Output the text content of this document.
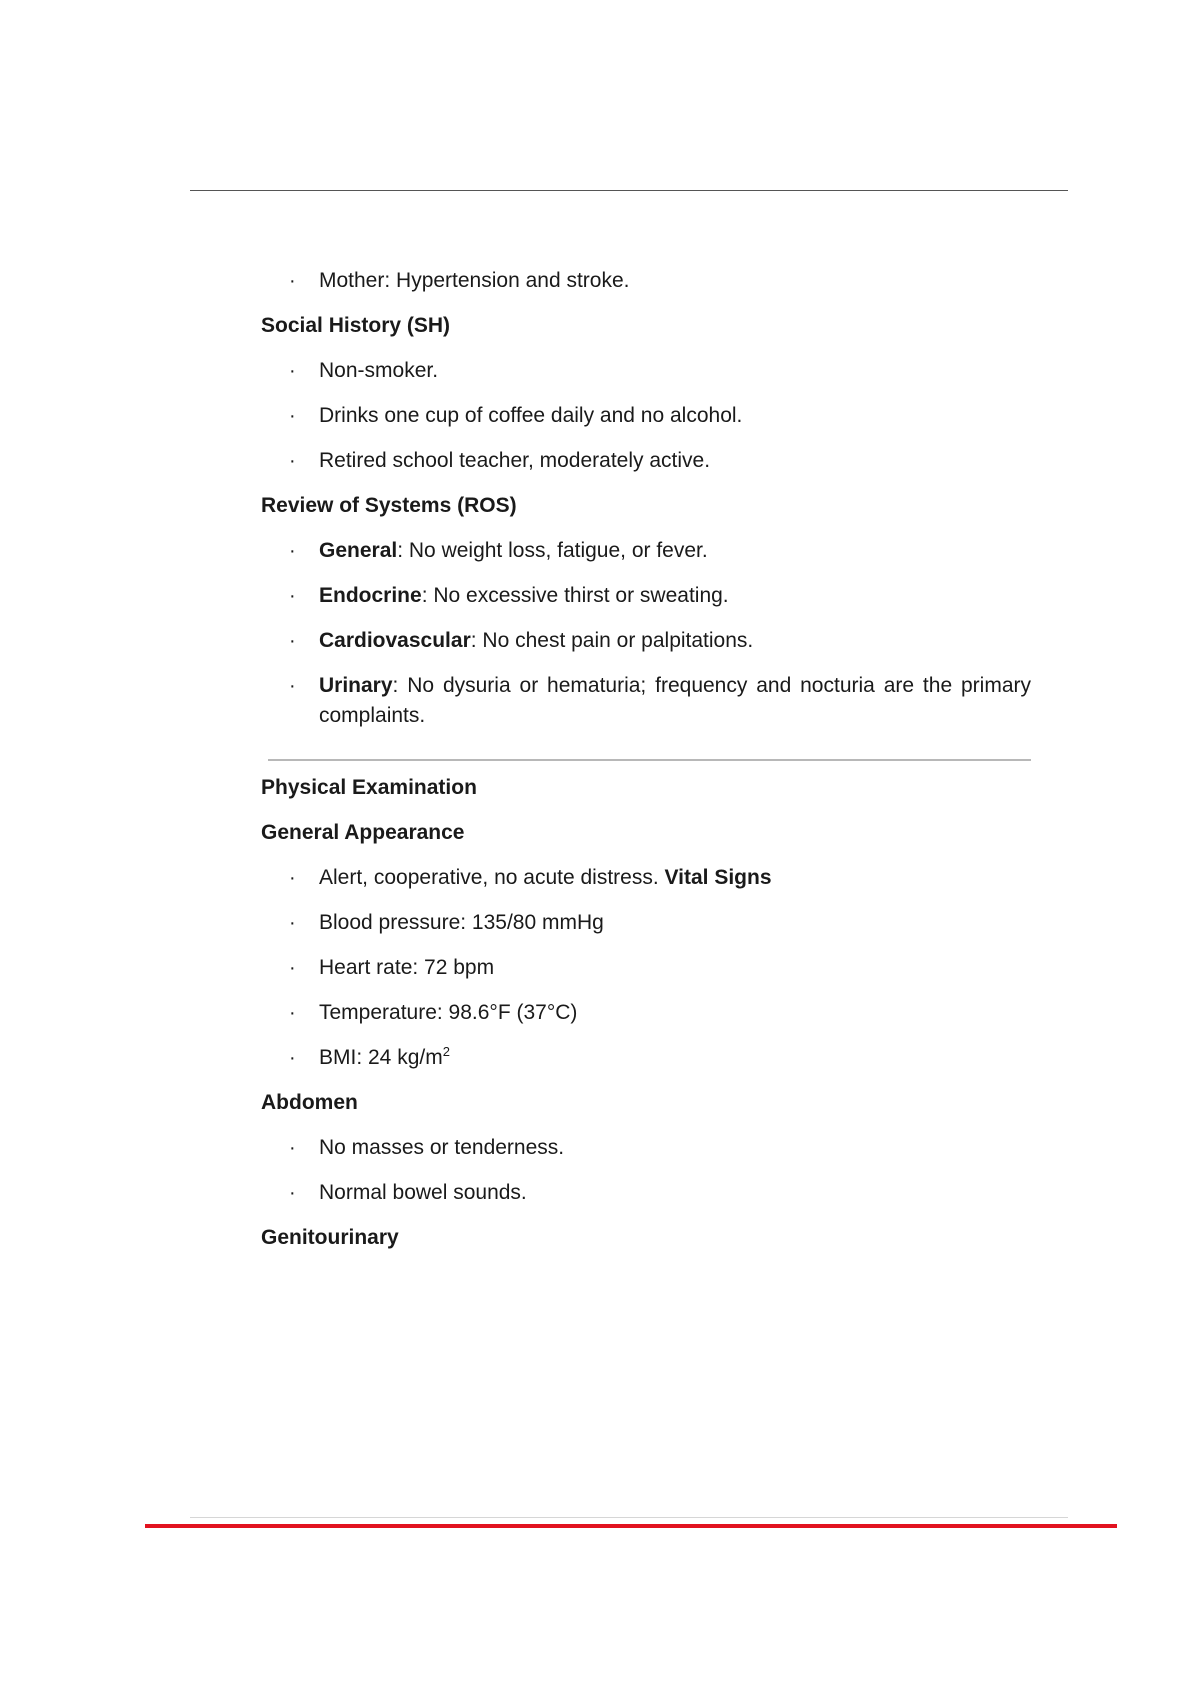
· Mother: Hypertension and stroke.
Social History (SH)
· Non-smoker.
· Drinks one cup of coffee daily and no alcohol.
· Retired school teacher, moderately active.
Review of Systems (ROS)
· General: No weight loss, fatigue, or fever.
· Endocrine: No excessive thirst or sweating.
· Cardiovascular: No chest pain or palpitations.
· Urinary: No dysuria or hematuria; frequency and nocturia are the primary complaints.
Physical Examination
General Appearance
· Alert, cooperative, no acute distress. Vital Signs
· Blood pressure: 135/80 mmHg
· Heart rate: 72 bpm
· Temperature: 98.6°F (37°C)
· BMI: 24 $kg/m^2$
Abdomen
· No masses or tenderness.
· Normal bowel sounds.
Genitourinary
